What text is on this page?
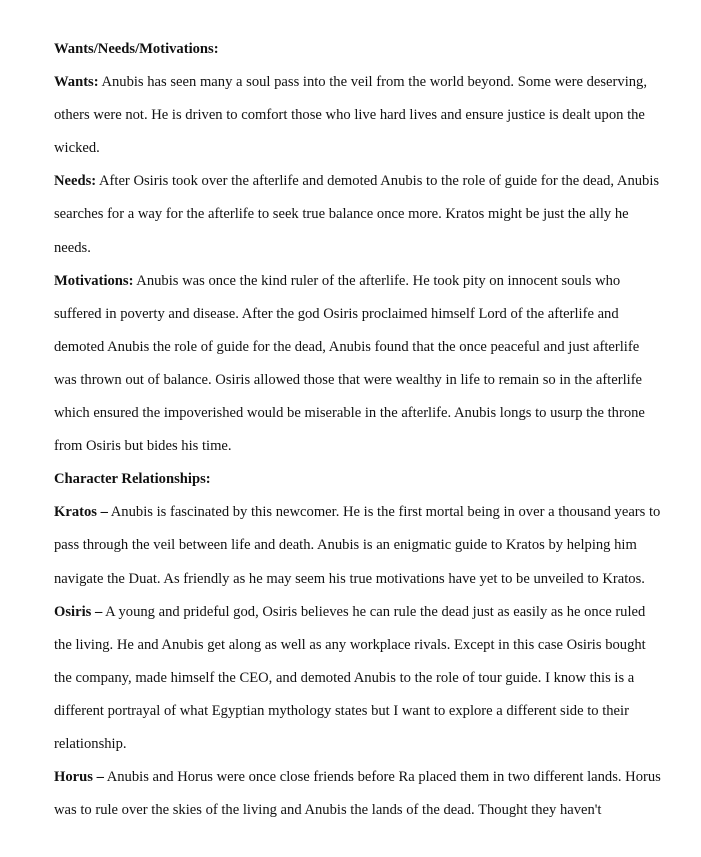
Wants/Needs/Motivations:

Wants: Anubis has seen many a soul pass into the veil from the world beyond. Some were deserving, others were not. He is driven to comfort those who live hard lives and ensure justice is dealt upon the wicked.

Needs: After Osiris took over the afterlife and demoted Anubis to the role of guide for the dead, Anubis searches for a way for the afterlife to seek true balance once more. Kratos might be just the ally he needs.

Motivations: Anubis was once the kind ruler of the afterlife. He took pity on innocent souls who suffered in poverty and disease. After the god Osiris proclaimed himself Lord of the afterlife and demoted Anubis the role of guide for the dead, Anubis found that the once peaceful and just afterlife was thrown out of balance. Osiris allowed those that were wealthy in life to remain so in the afterlife which ensured the impoverished would be miserable in the afterlife. Anubis longs to usurp the throne from Osiris but bides his time.

Character Relationships:

Kratos – Anubis is fascinated by this newcomer. He is the first mortal being in over a thousand years to pass through the veil between life and death. Anubis is an enigmatic guide to Kratos by helping him navigate the Duat. As friendly as he may seem his true motivations have yet to be unveiled to Kratos.

Osiris – A young and prideful god, Osiris believes he can rule the dead just as easily as he once ruled the living. He and Anubis get along as well as any workplace rivals. Except in this case Osiris bought the company, made himself the CEO, and demoted Anubis to the role of tour guide. I know this is a different portrayal of what Egyptian mythology states but I want to explore a different side to their relationship.

Horus – Anubis and Horus were once close friends before Ra placed them in two different lands. Horus was to rule over the skies of the living and Anubis the lands of the dead. Thought they haven't
